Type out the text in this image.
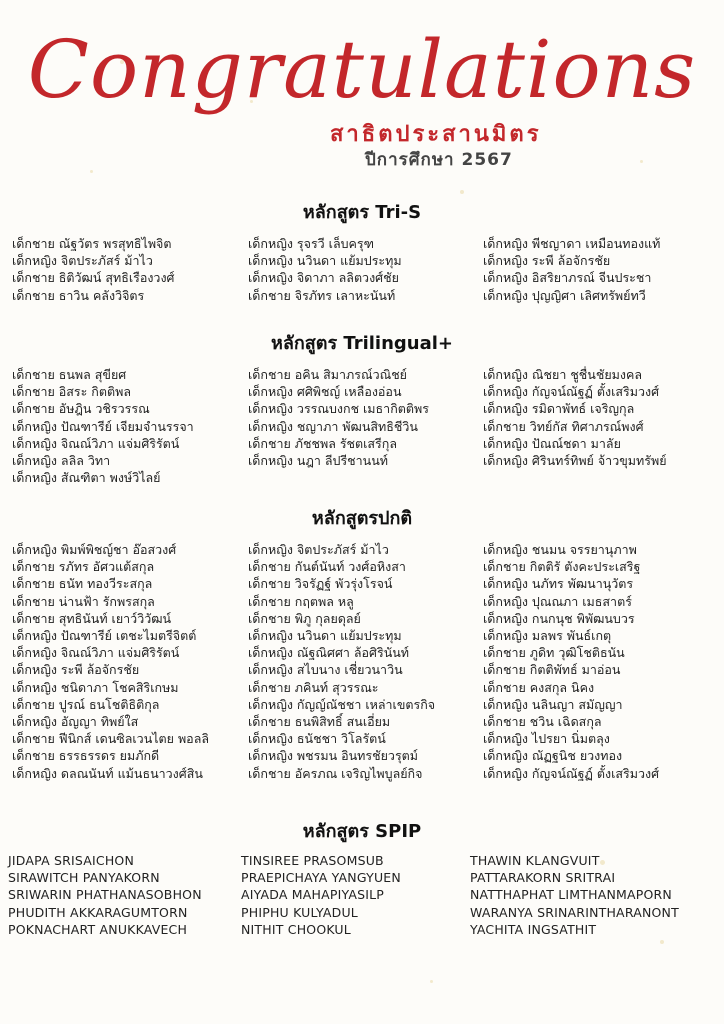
Congratulations
สาธิตประสานมิตร
ปีการศึกษา 2567
หลักสูตร Tri-S
เด็กชาย ณัฐวัตร พรสุทธิไพจิต
เด็กหญิง จิตประภัสร์ ม้าไว
เด็กชาย ธิติวัฒน์ สุทธิเรืองวงศ์
เด็กชาย ธาวิน คลังวิจิตร
เด็กหญิง รุจรวี เล็บครุฑ
เด็กหญิง นวินดา แย้มประทุม
เด็กหญิง จิดาภา ลลิตวงศ์ชัย
เด็กชาย จิรภัทร เลาหะนันท์
เด็กหญิง พีชญาดา เหมือนทองแท้
เด็กหญิง ระพี ล้อจักรชัย
เด็กหญิง อิสริยาภรณ์ จีนประชา
เด็กหญิง ปุญญิศา เลิศทรัพย์ทวี
หลักสูตร Trilingual+
เด็กชาย ธนพล สุขียศ
เด็กชาย อิสระ กิตติพล
เด็กชาย อัษฎิน วชิรวรรณ
เด็กหญิง ปัณฑารีย์ เจียมจำนรรจา
เด็กหญิง จิณณ์วิภา แจ่มศิริรัตน์
เด็กหญิง ลลิล วิทา
เด็กหญิง สัณฑิตา พงษ์วิไลย์
เด็กชาย อคิน สิมาภรณ์วณิชย์
เด็กหญิง ศศิพิชญ์ เหลืองอ่อน
เด็กหญิง วรรณบงกช เมธากิตติพร
เด็กหญิง ชญาภา พัฒนสิทธิชีวิน
เด็กชาย ภัชชพล รัชตเสรีกุล
เด็กหญิง นฎา ลีปรีชานนท์
เด็กหญิง ณิชยา ชูชื่นชัยมงคล
เด็กหญิง กัญจน์ณัฐฏ์ ตั้งเสริมวงศ์
เด็กหญิง รมิดาพัทธ์ เจริญกุล
เด็กชาย วิทย์กัส ทิศาภรณ์พงศ์
เด็กหญิง ปัณณ์ชดา มาลัย
เด็กหญิง ศิรินทร์ทิพย์ จ้าวขุมทรัพย์
หลักสูตรปกติ
เด็กหญิง พิมพ์พิชญ์ชา อ๊อสวงศ์
เด็กชาย รภัทร อัศวแต้สกุล
เด็กชาย ธนัท ทองวีระสกุล
เด็กชาย น่านฟ้า รักพรสกุล
เด็กชาย สุทธินันท์ เยาว์วิวัฒน์
เด็กหญิง ปัณฑารีย์ เตชะไมตรีจิตต์
เด็กหญิง จิณณ์วิภา แจ่มศิริรัตน์
เด็กหญิง ระพี ล้อจักรชัย
เด็กหญิง ชนิดาภา โชคสิริเกษม
เด็กชาย ปูรณ์ ธนโชติธิติกุล
เด็กหญิง อัญญา ทิพย์ใส
เด็กชาย ฟีนิกส์ เดนซิลเวนไตย พอลลิ
เด็กชาย ธรรธรรดร ยมภักดี
เด็กหญิง ดลณนันท์ แม้นธนาวงศ์สิน
เด็กหญิง จิตประภัสร์ ม้าไว
เด็กชาย กันต์นันท์ วงศ์อหิงสา
เด็กชาย วิจรัฏฐ์ พัวรุ่งโรจน์
เด็กชาย กฤตพล หลู
เด็กชาย พิภู กุลยดุลย์
เด็กหญิง นวินดา แย้มประทุม
เด็กหญิง ณัฐณิศศา ล้อศิรินันท์
เด็กหญิง สไบนาง เชี่ยวนาวิน
เด็กชาย ภคินท์ สุวรรณะ
เด็กหญิง กัญญ์ณัชชา เหล่าเขตรกิจ
เด็กชาย ธนพิสิทธิ์ สนเอี่ยม
เด็กหญิง ธนัชชา วิโลรัตน์
เด็กหญิง พชรมน อินทรชัยวรุตม์
เด็กชาย อัครภณ เจริญไพบูลย์กิจ
เด็กหญิง ชนมน จรรยานุภาพ
เด็กชาย กิตติรั ตังคะประเสริฐ
เด็กหญิง นภัทร พัฒนานุวัตร
เด็กหญิง ปุณณภา เมธสาตร์
เด็กหญิง กนกนุช พิพัฒนบวร
เด็กหญิง มลพร พันธ์เกตุ
เด็กชาย ภูดิท วุฒิโชติธนัน
เด็กชาย กิตติพัทธ์ มาอ่อน
เด็กชาย คงสกุล นิคง
เด็กหญิง นลินญา สมัญญา
เด็กชาย ชวิน เฉิดสกุล
เด็กหญิง ไปรยา นิ่มตลุง
เด็กหญิง ณัฏฐนิช ยวงทอง
เด็กหญิง กัญจน์ณัฐฏ์ ตั้งเสริมวงศ์
หลักสูตร SPIP
JIDAPA SRISAICHON
SIRAWITCH PANYAKORN
SRIWARIN PHATHANASOBHON
PHUDITH AKKARAGUMTORN
POKNACHART ANUKKAVECH
TINSIREE PRASOMSUB
PRAEPICHAYA YANGYUEN
AIYADA MAHAPIYASILP
PHIPHU KULYADUL
NITHIT CHOOKUL
THAWIN KLANGVUIT
PATTARAKORN SRITRAI
NATTHAPHAT LIMTHANMAPORN
WARANYA SRINARINTHARANONT
YACHITA INGSATHIT
